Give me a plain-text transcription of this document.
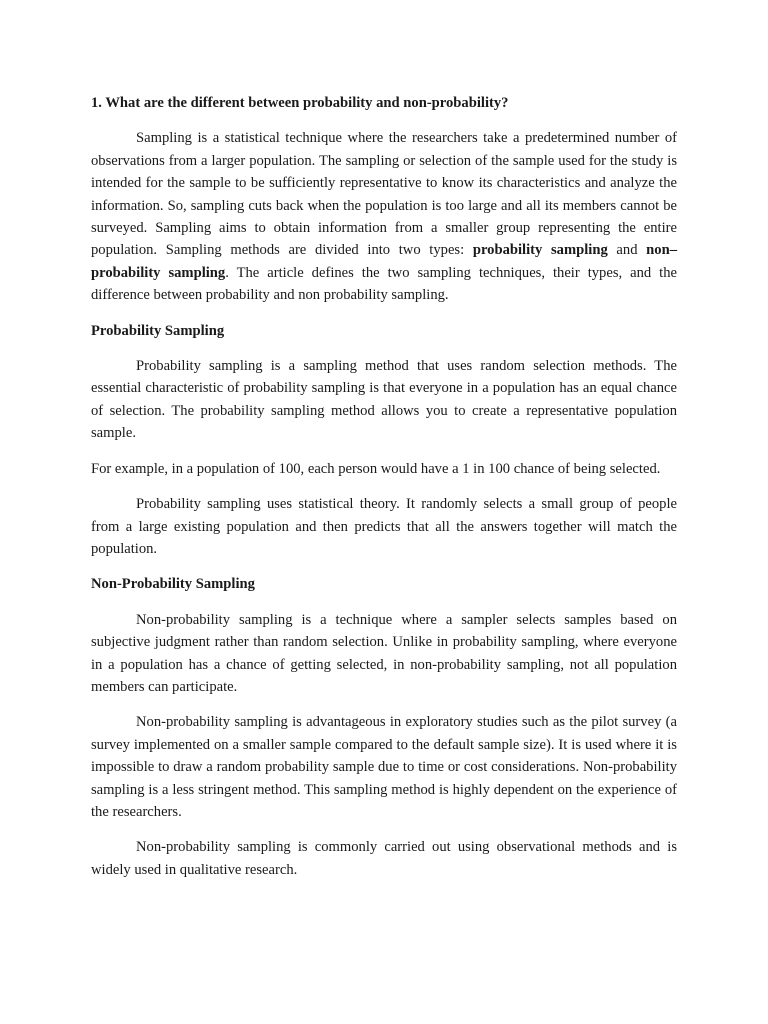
1. What are the different between probability and non-probability?

Sampling is a statistical technique where the researchers take a predetermined number of observations from a larger population. The sampling or selection of the sample used for the study is intended for the sample to be sufficiently representative to know its characteristics and analyze the information. So, sampling cuts back when the population is too large and all its members cannot be surveyed. Sampling aims to obtain information from a smaller group representing the entire population. Sampling methods are divided into two types: probability sampling and non–probability sampling. The article defines the two sampling techniques, their types, and the difference between probability and non probability sampling.

Probability Sampling

Probability sampling is a sampling method that uses random selection methods. The essential characteristic of probability sampling is that everyone in a population has an equal chance of selection. The probability sampling method allows you to create a representative population sample.

For example, in a population of 100, each person would have a 1 in 100 chance of being selected.

Probability sampling uses statistical theory. It randomly selects a small group of people from a large existing population and then predicts that all the answers together will match the population.

Non-Probability Sampling

Non-probability sampling is a technique where a sampler selects samples based on subjective judgment rather than random selection. Unlike in probability sampling, where everyone in a population has a chance of getting selected, in non-probability sampling, not all population members can participate.

Non-probability sampling is advantageous in exploratory studies such as the pilot survey (a survey implemented on a smaller sample compared to the default sample size). It is used where it is impossible to draw a random probability sample due to time or cost considerations. Non-probability sampling is a less stringent method. This sampling method is highly dependent on the experience of the researchers.

Non-probability sampling is commonly carried out using observational methods and is widely used in qualitative research.
